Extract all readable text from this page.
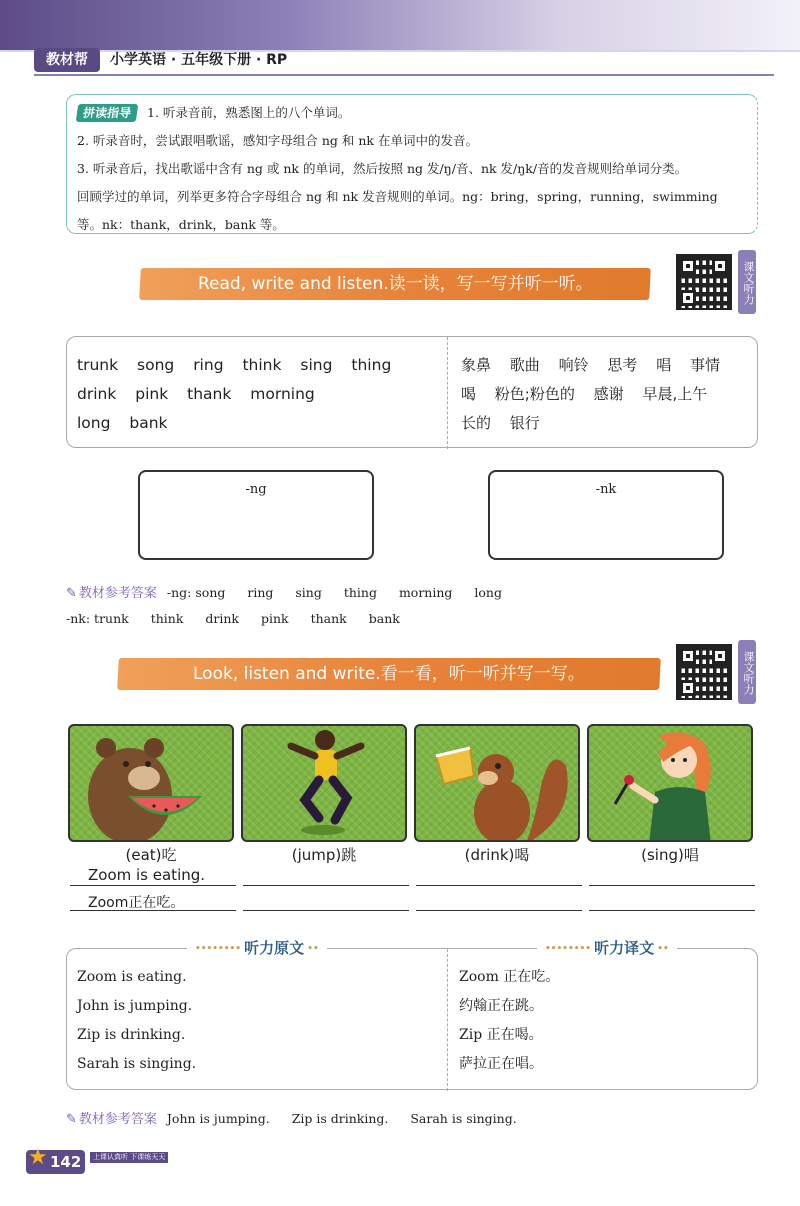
教材帮	小学英语 · 五年级下册 · RP
拼读指导 1. 听录音前，熟悉图上的八个单词。
2. 听录音时，尝试跟唱歌谣，感知字母组合 ng 和 nk 在单词中的发音。
3. 听录音后，找出歌谣中含有 ng 或 nk 的单词，然后按照 ng 发/ŋ/音、nk 发/ŋk/音的发音规则给单词分类。
回顾学过的单词，列举更多符合字母组合 ng 和 nk 发音规则的单词。ng：bring，spring，running，swimming
等。nk：thank，drink，bank 等。
Read, write and listen.读一读，写一写并听一听。	课文听力
trunk song ring think sing thing
drink pink thank morning
long bank
象鼻 歌曲 响铃 思考 唱 事情
喝 粉色;粉色的 感谢 早晨,上午
长的 银行
-ng	-nk
✎ 教材参考答案 -ng: song ring sing thing morning long
-nk: trunk think drink pink thank bank
Look, listen and write.看一看，听一听并写一写。	课文听力
(eat)吃	(jump)跳	(drink)喝	(sing)唱
Zoom is eating.
Zoom正在吃。
••••• 听力原文 ••
•••••	听力译文 ••
Zoom is eating.
John is jumping.
Zip is drinking.
Sarah is singing.
Zoom 正在吃。
约翰正在跳。
Zip 正在喝。
萨拉正在唱。
✎ 教材参考答案 John is jumping. Zip is drinking. Sarah is singing.
142
★	上课认真听 下课练天天
